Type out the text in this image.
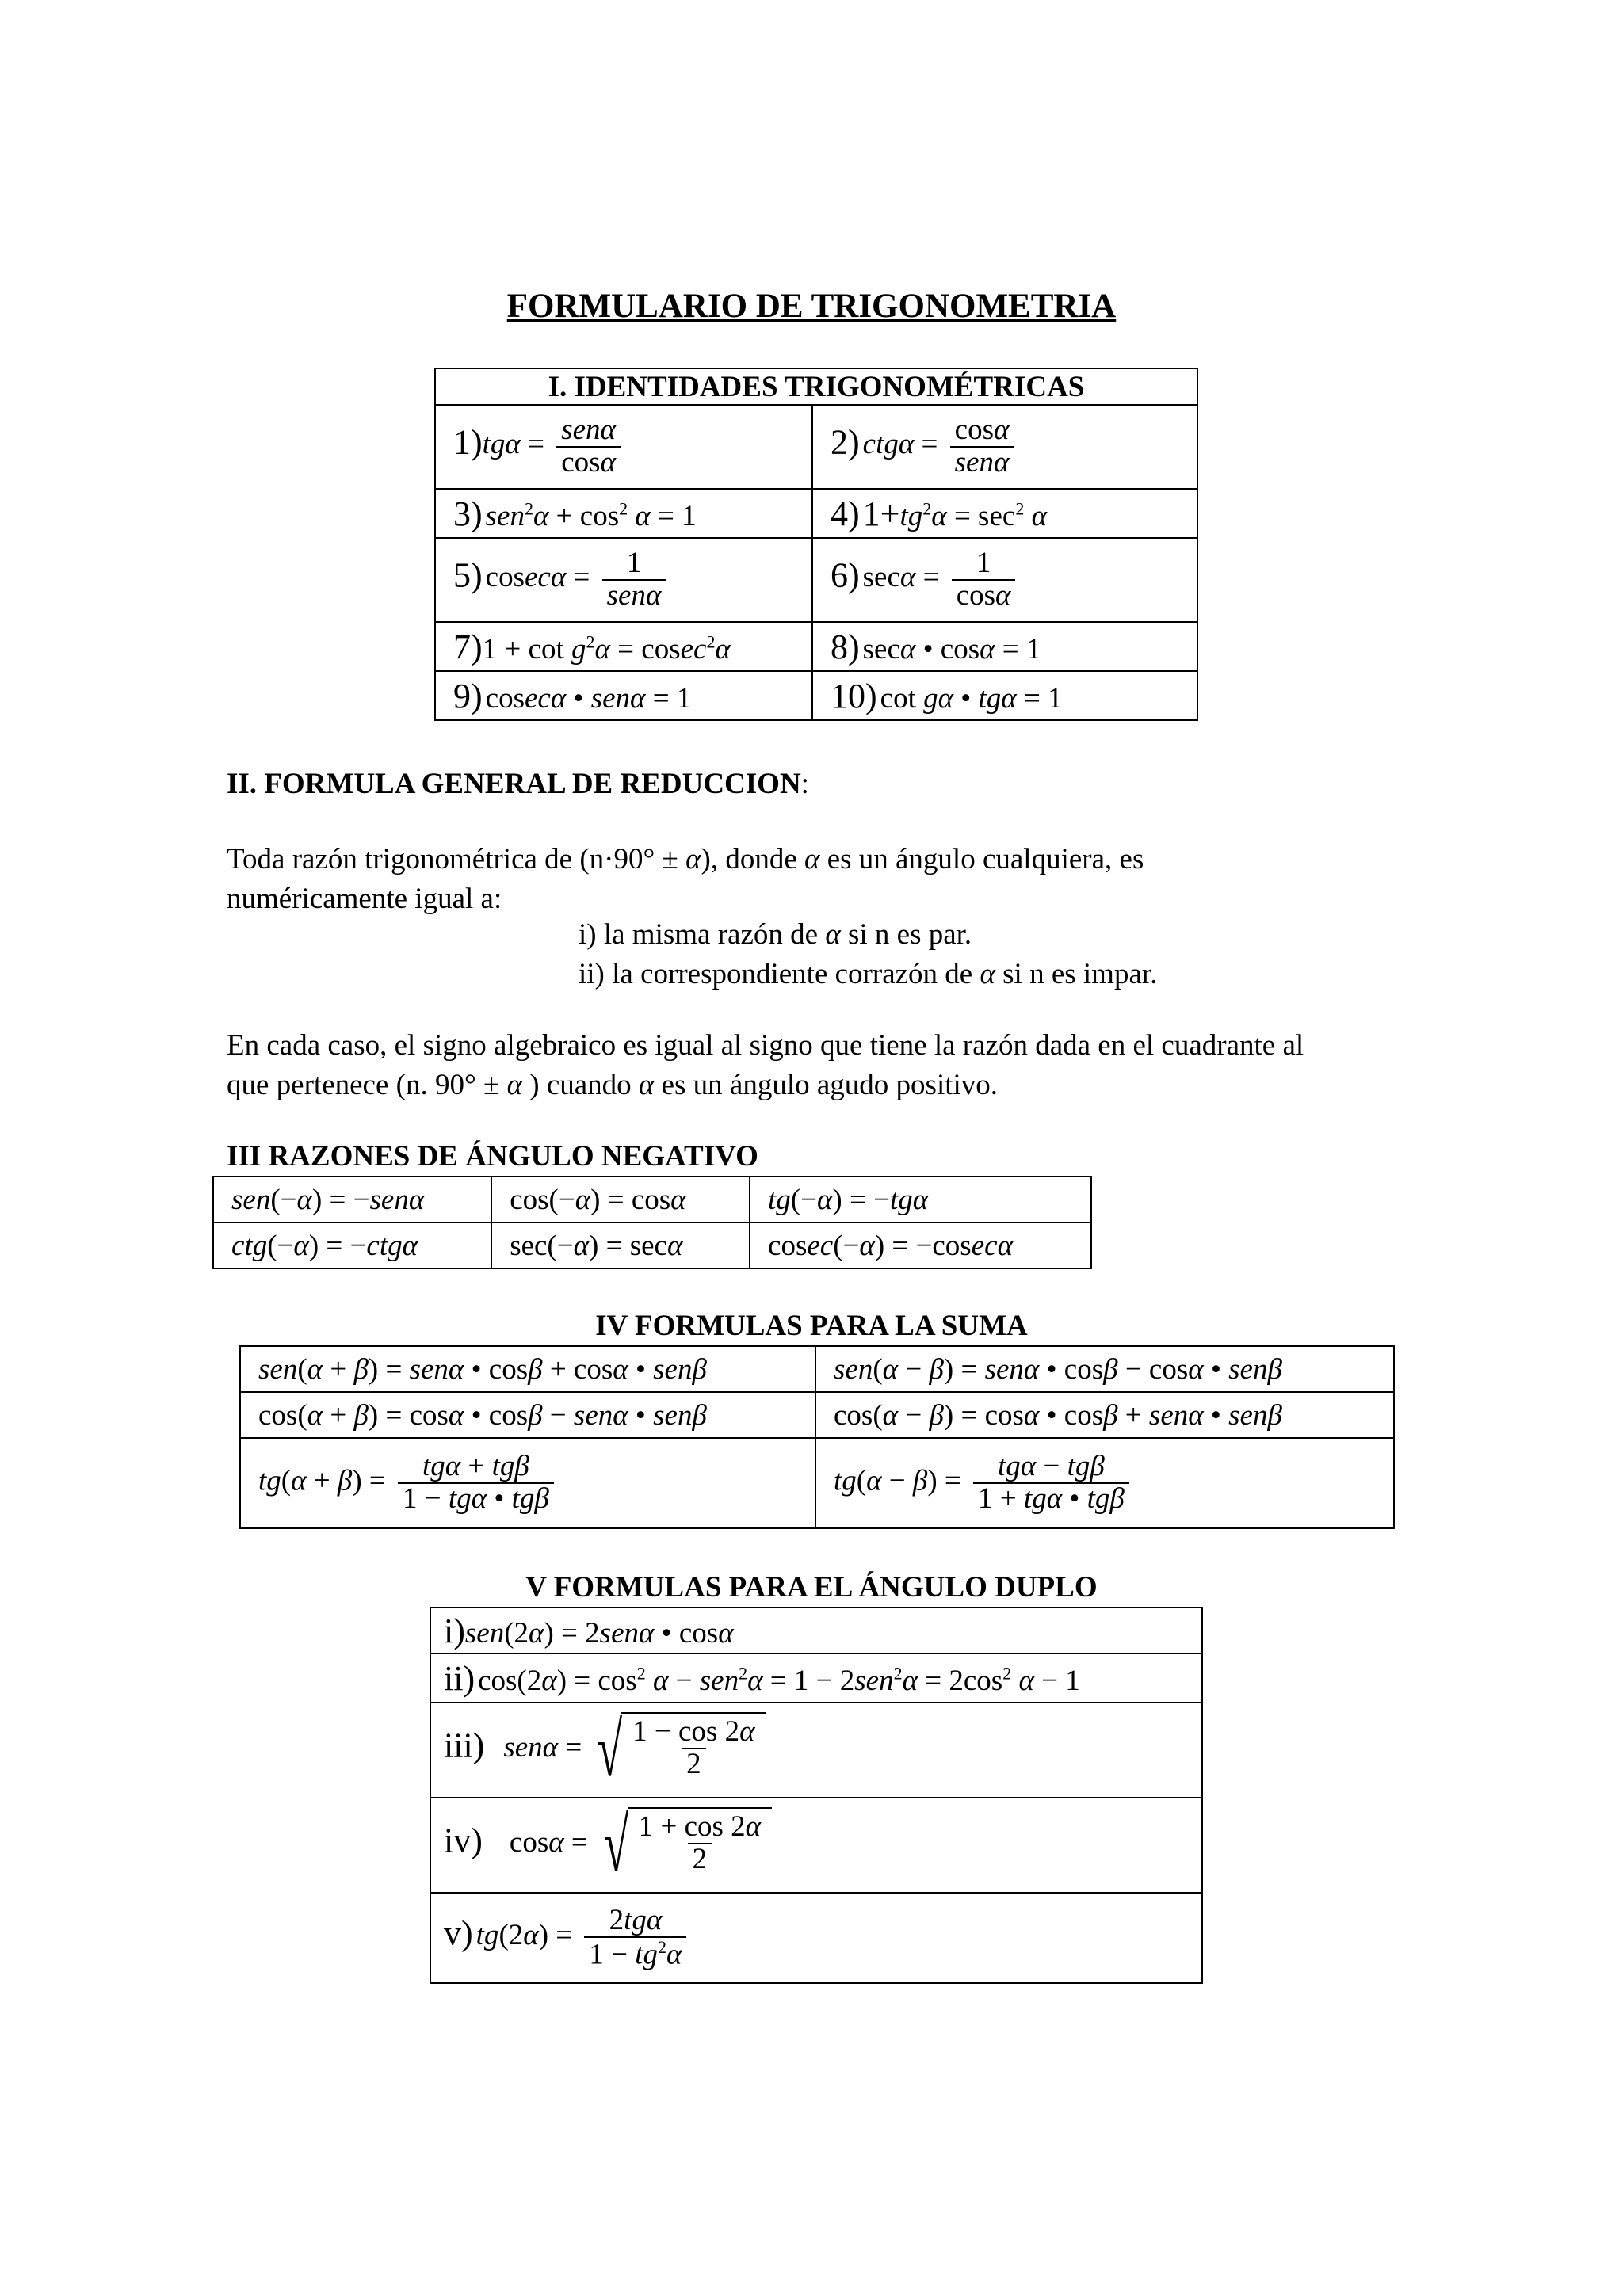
FORMULARIO DE TRIGONOMETRIA
I. IDENTIDADES TRIGONOMÉTRICAS	
$1)tg\alpha = \frac{\text{senα}}{\cos\alpha}$	2) $ctg\alpha = \frac{\cos\alpha}{\text{senα}}$

3) $sen^2\alpha + \cos^2 \alpha = 1$	4) $1+tg^2\alpha = \sec^2 \alpha$
5) $cosec\alpha = \frac{1}{\text{senα}}$	6) $\sec\alpha = \frac{1}{\cos\alpha}$

$7)1 + \cot g^2\alpha = cosec^2\alpha$	8) secα • cosα = 1
9) cosecα • senα = 1	10) cot gα • tgα = 1
II. FORMULA GENERAL DE REDUCCION:
Toda razón trigonométrica de (n·90° ± α), donde α es un ángulo cualquiera, es
numéricamente igual a:
i) la misma razón de α si n es par.
ii) la correspondiente corrazón de α si n es impar.
En cada caso, el signo algebraico es igual al signo que tiene la razón dada en el cuadrante al
que pertenece (n. 90° ± α ) cuando α es un ángulo agudo positivo.
III RAZONES DE ÁNGULO NEGATIVO
sen(−α) = −senα	cos(−α) = cosα	tg(−α) = −tgα
ctg(−α) = −ctgα	sec(−α) = secα	cosec(−α) = −cosecα
IV FORMULAS PARA LA SUMA
sen(α + β) = senα • cosβ + cosα • senβ	sen(α − β) = senα • cosβ − cosα • senβ
cos(α + β) = cosα • cosβ − senα • senβ	cos(α − β) = cosα • cosβ + senα • senβ
$tg(\alpha + \beta) = \frac{\text{tgα + tgβ}}{\text{1 − tgα • tgβ}}$	$tg(\alpha - \beta) = \frac{\text{tgα − tgβ}}{\text{1 + tgα • tgβ}}$
V FORMULAS PARA EL ÁNGULO DUPLO
i)sen(2α) = 2senα • cosα
ii) $\cos(2\alpha) = \cos^2 \alpha - sen^2\alpha = 1 - 2sen^2\alpha = 2\cos^2$ α − 1
iii) senα = √ $\frac{1 - \cos 2\alpha}{2}$

iv) cosα = √ $\frac{1 + \cos 2\alpha}{2}$

v) $tg(2\alpha) = \frac{\text{2tgα}}{1 - tg^2\alpha}$
